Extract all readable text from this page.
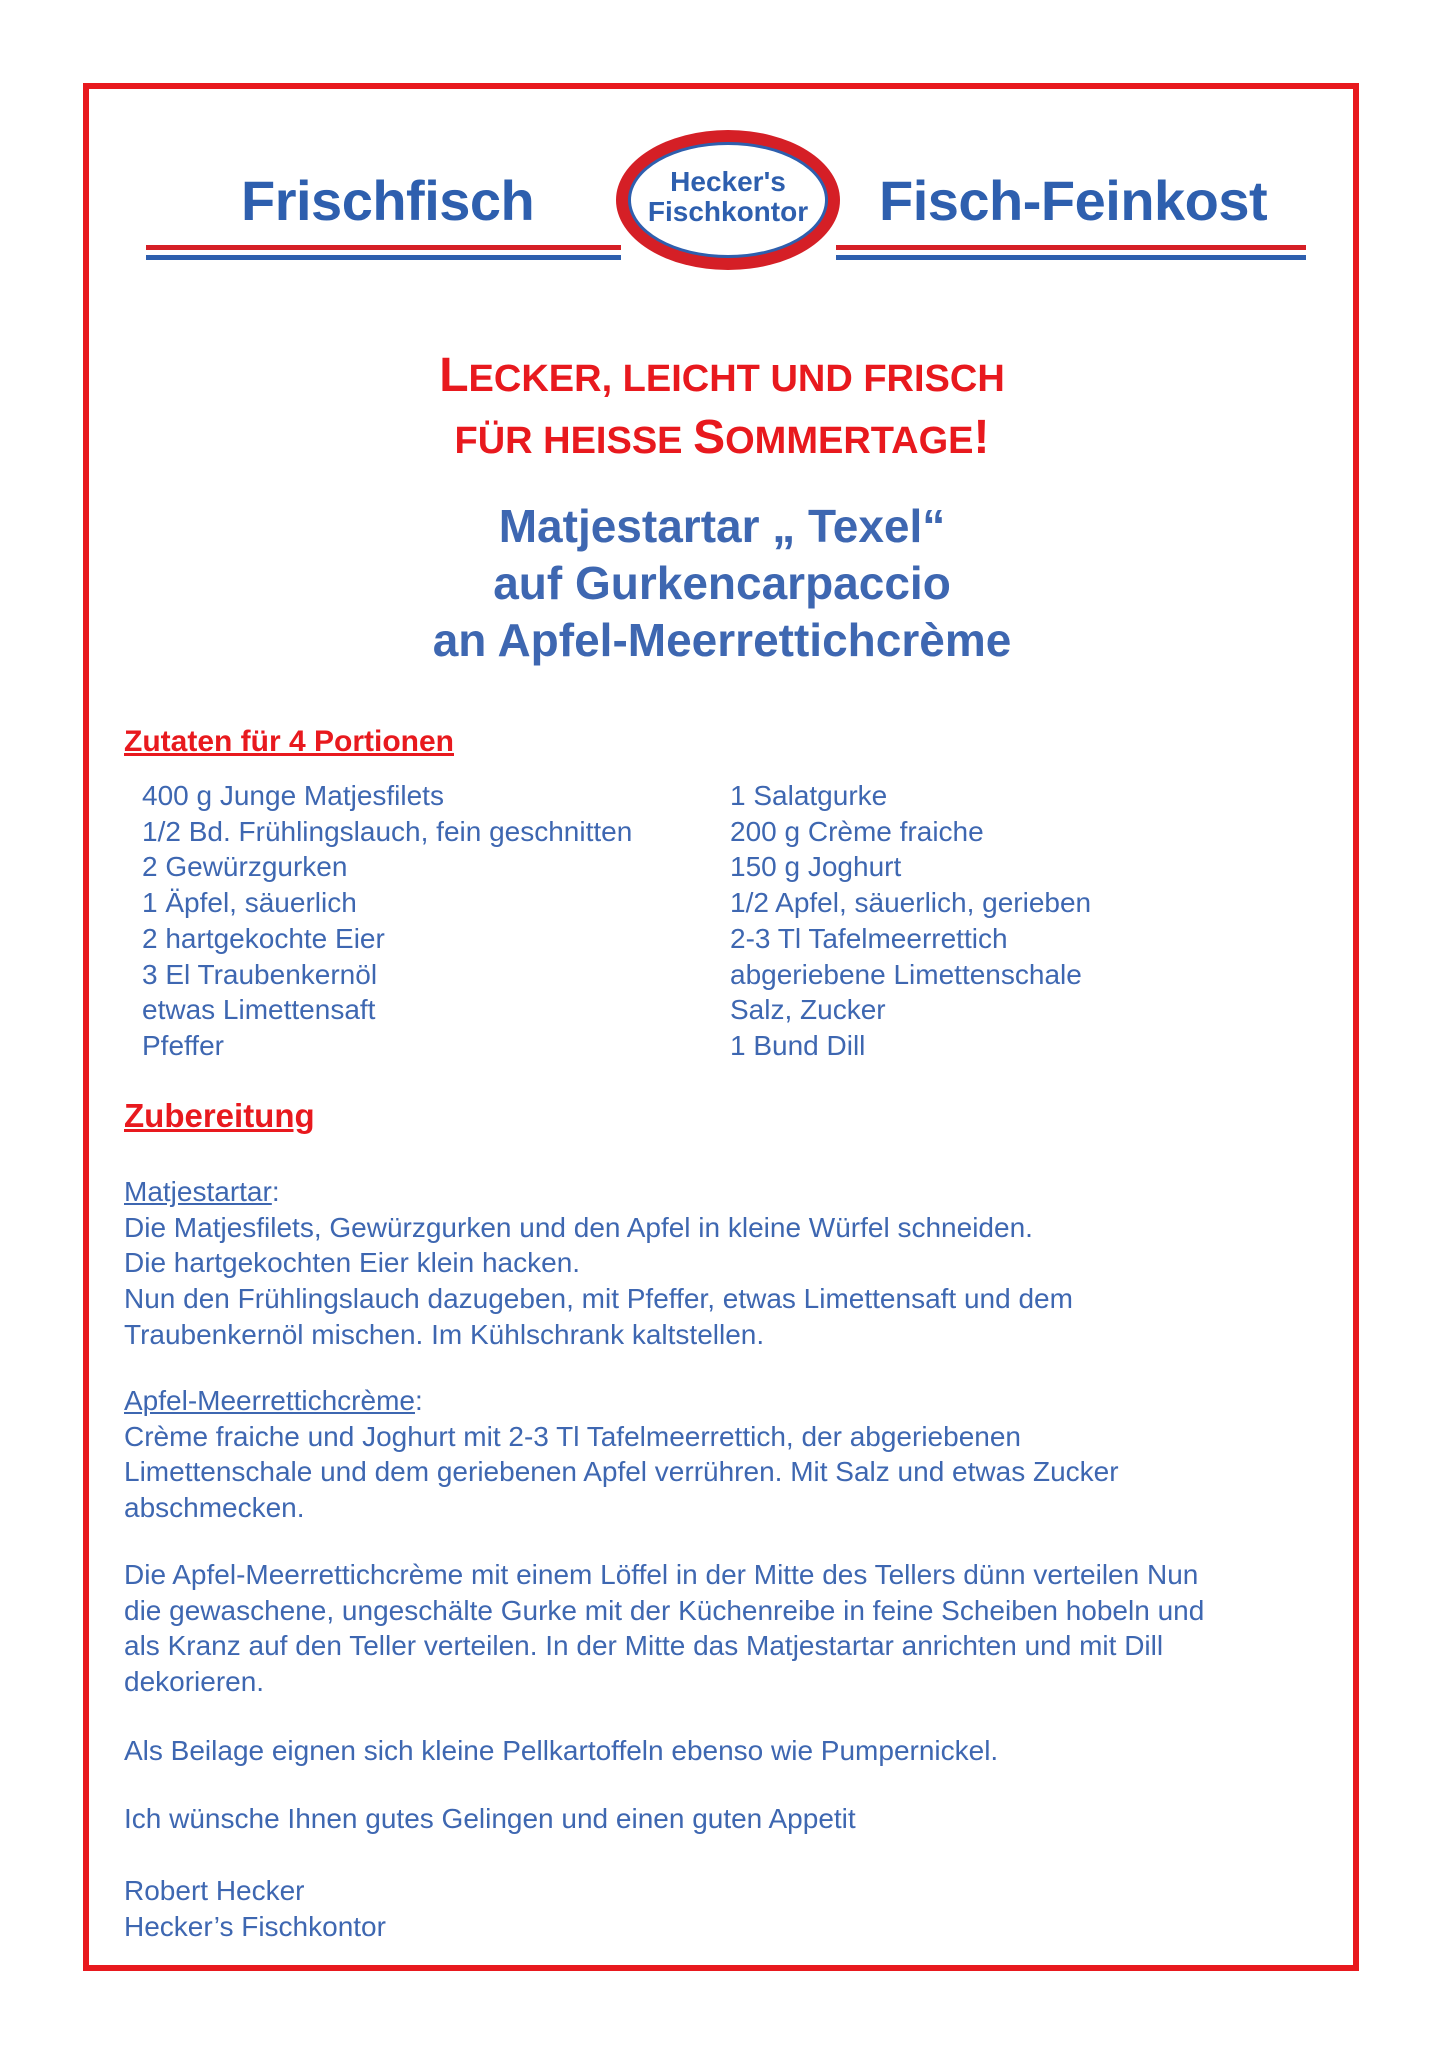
Frischfisch	Fisch-Feinkost
Hecker's
Fischkontor
LECKER, LEICHT UND FRISCH
FÜR HEISSE SOMMERTAGE!
Matjestartar „ Texel“
auf Gurkencarpaccio
an Apfel-Meerrettichcrème
Zutaten für 4 Portionen
400 g Junge Matjesfilets
1/2 Bd. Frühlingslauch, fein geschnitten
2 Gewürzgurken
1 Äpfel, säuerlich
2 hartgekochte Eier
3 El Traubenkernöl
etwas Limettensaft
Pfeffer
1 Salatgurke
200 g Crème fraiche
150 g Joghurt
1/2 Apfel, säuerlich, gerieben
2-3 Tl Tafelmeerrettich
abgeriebene Limettenschale
Salz, Zucker
1 Bund Dill
Zubereitung
Matjestartar:
Die Matjesfilets, Gewürzgurken und den Apfel in kleine Würfel schneiden.
Die hartgekochten Eier klein hacken.
Nun den Frühlingslauch dazugeben, mit Pfeffer, etwas Limettensaft und dem
Traubenkernöl mischen. Im Kühlschrank kaltstellen.
Apfel-Meerrettichcrème:
Crème fraiche und Joghurt mit 2-3 Tl Tafelmeerrettich, der abgeriebenen
Limettenschale und dem geriebenen Apfel verrühren. Mit Salz und etwas Zucker
abschmecken.
Die Apfel-Meerrettichcrème mit einem Löffel in der Mitte des Tellers dünn verteilen Nun
die gewaschene, ungeschälte Gurke mit der Küchenreibe in feine Scheiben hobeln und
als Kranz auf den Teller verteilen. In der Mitte das Matjestartar anrichten und mit Dill
dekorieren.
Als Beilage eignen sich kleine Pellkartoffeln ebenso wie Pumpernickel.
Ich wünsche Ihnen gutes Gelingen und einen guten Appetit
Robert Hecker
Hecker’s Fischkontor
